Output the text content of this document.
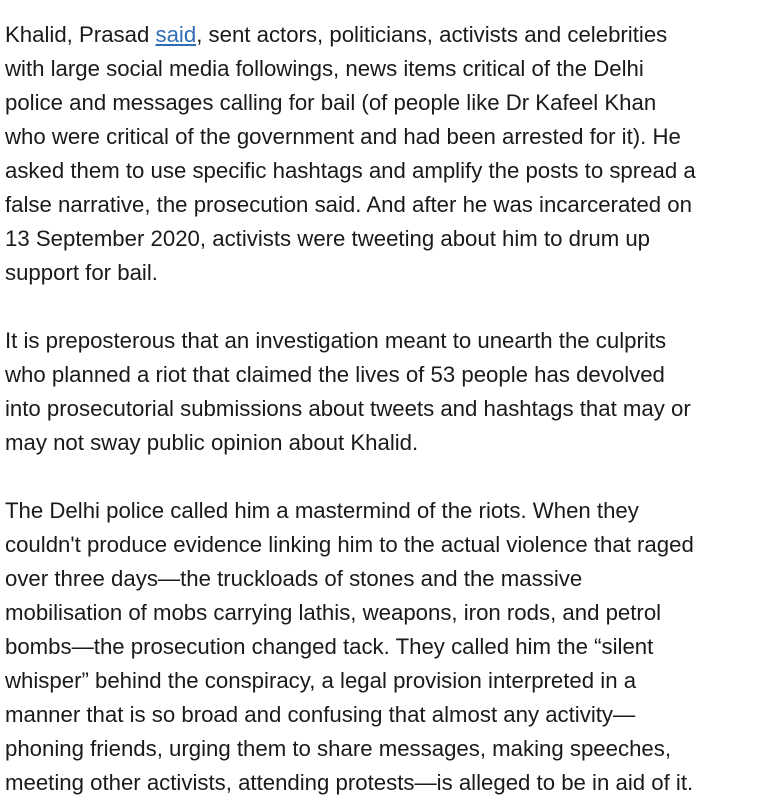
Khalid, Prasad said, sent actors, politicians, activists and celebrities
with large social media followings, news items critical of the Delhi
police and messages calling for bail (of people like Dr Kafeel Khan
who were critical of the government and had been arrested for it). He
asked them to use specific hashtags and amplify the posts to spread a
false narrative, the prosecution said. And after he was incarcerated on
13 September 2020, activists were tweeting about him to drum up
support for bail.

It is preposterous that an investigation meant to unearth the culprits
who planned a riot that claimed the lives of 53 people has devolved
into prosecutorial submissions about tweets and hashtags that may or
may not sway public opinion about Khalid.

The Delhi police called him a mastermind of the riots. When they
couldn't produce evidence linking him to the actual violence that raged
over three days—the truckloads of stones and the massive
mobilisation of mobs carrying lathis, weapons, iron rods, and petrol
bombs—the prosecution changed tack. They called him the “silent
whisper” behind the conspiracy, a legal provision interpreted in a
manner that is so broad and confusing that almost any activity—
phoning friends, urging them to share messages, making speeches,
meeting other activists, attending protests—is alleged to be in aid of it.
